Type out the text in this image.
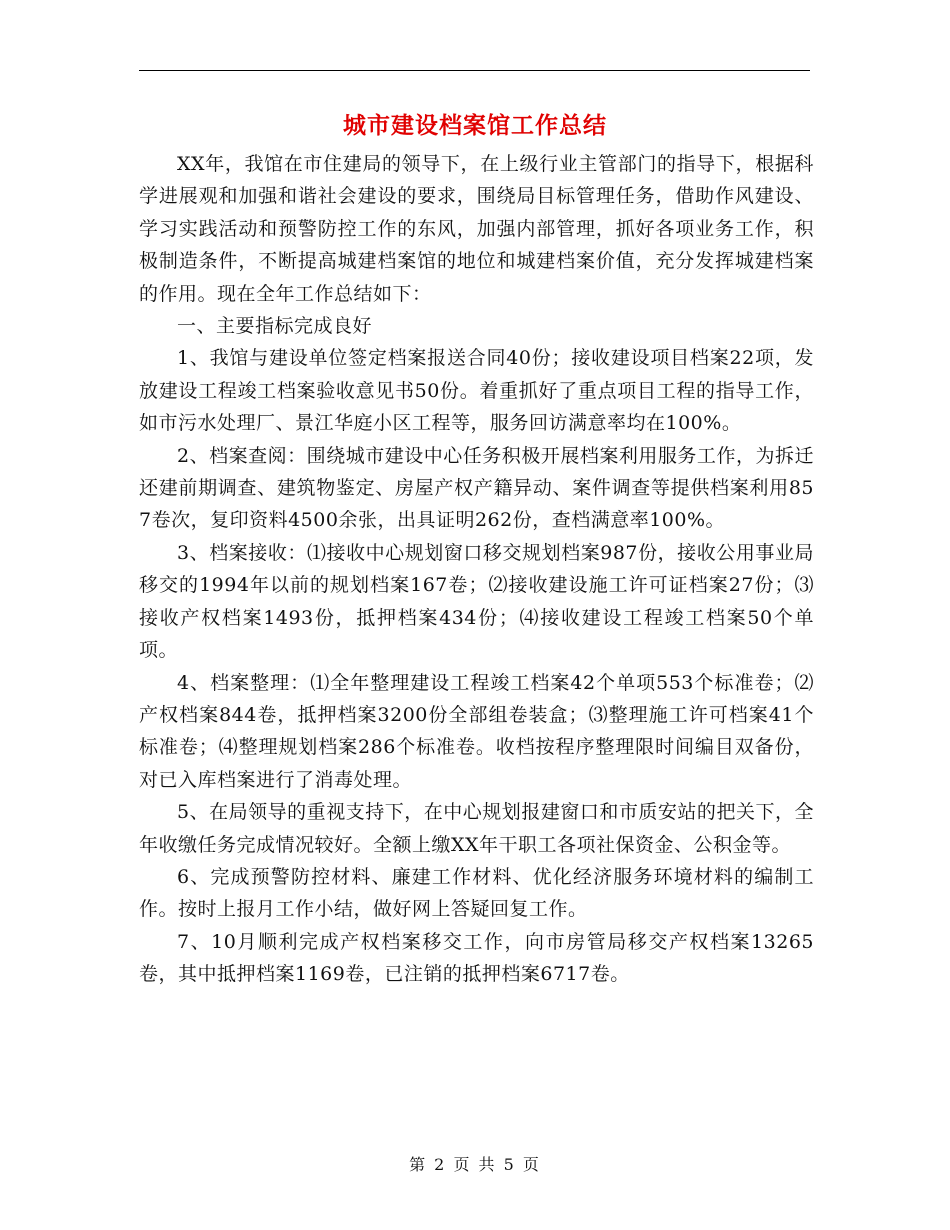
城市建设档案馆工作总结

XX年，我馆在市住建局的领导下，在上级行业主管部门的指导下，根据科学进展观和加强和谐社会建设的要求，围绕局目标管理任务，借助作风建设、学习实践活动和预警防控工作的东风，加强内部管理，抓好各项业务工作，积极制造条件，不断提高城建档案馆的地位和城建档案价值，充分发挥城建档案的作用。现在全年工作总结如下：

一、主要指标完成良好

1、我馆与建设单位签定档案报送合同40份；接收建设项目档案22项，发放建设工程竣工档案验收意见书50份。着重抓好了重点项目工程的指导工作，如市污水处理厂、景江华庭小区工程等，服务回访满意率均在100%。

2、档案查阅：围绕城市建设中心任务积极开展档案利用服务工作，为拆迁还建前期调查、建筑物鉴定、房屋产权产籍异动、案件调查等提供档案利用857卷次，复印资料4500余张，出具证明262份，查档满意率100%。

3、档案接收：⑴接收中心规划窗口移交规划档案987份，接收公用事业局移交的1994年以前的规划档案167卷；⑵接收建设施工许可证档案27份；⑶接收产权档案1493份，抵押档案434份；⑷接收建设工程竣工档案50个单项。

4、档案整理：⑴全年整理建设工程竣工档案42个单项553个标准卷；⑵产权档案844卷，抵押档案3200份全部组卷装盒；⑶整理施工许可档案41个标准卷；⑷整理规划档案286个标准卷。收档按程序整理限时间编目双备份，对已入库档案进行了消毒处理。

5、在局领导的重视支持下，在中心规划报建窗口和市质安站的把关下，全年收缴任务完成情况较好。全额上缴XX年干职工各项社保资金、公积金等。

6、完成预警防控材料、廉建工作材料、优化经济服务环境材料的编制工作。按时上报月工作小结，做好网上答疑回复工作。

7、10月顺利完成产权档案移交工作，向市房管局移交产权档案13265卷，其中抵押档案1169卷，已注销的抵押档案6717卷。

第 2 页 共 5 页
